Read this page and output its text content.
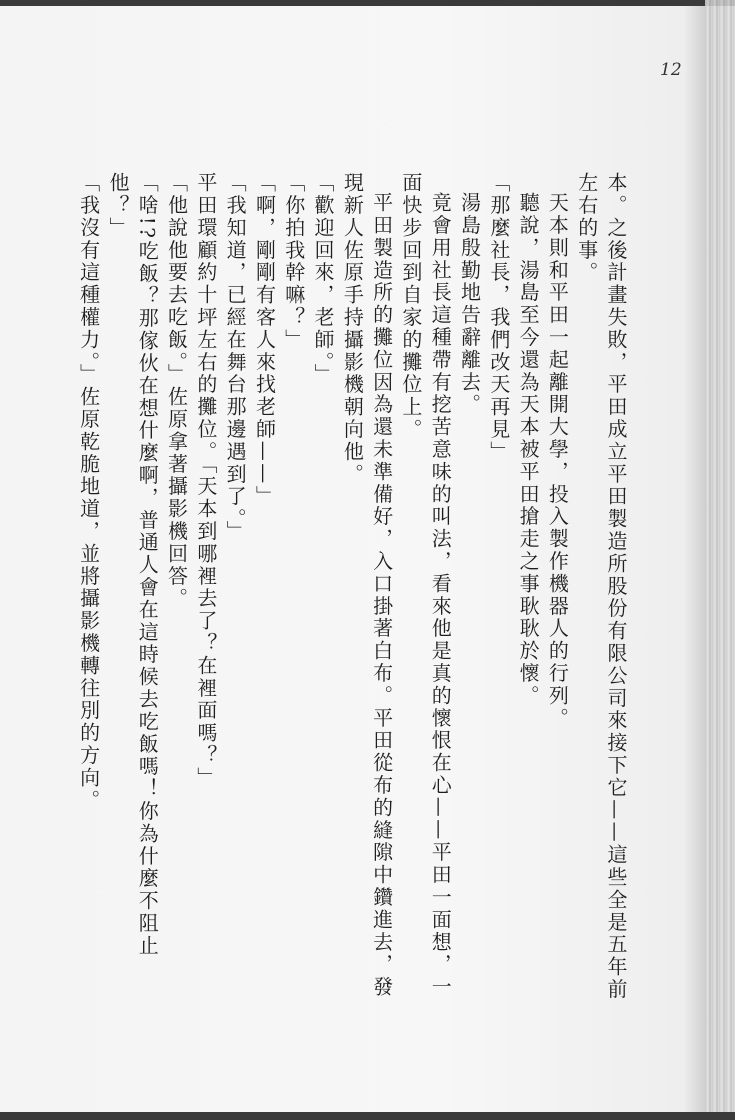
12

本。之後計畫失敗，平田成立平田製造所股份有限公司來接下它——這些全是五年前左右的事。

天本則和平田一起離開大學，投入製作機器人的行列。

聽說，湯島至今還為天本被平田搶走之事耿耿於懷。

「那麼社長，我們改天再見」

湯島殷勤地告辭離去。

竟會用社長這種帶有挖苦意味的叫法，看來他是真的懷恨在心——平田一面想，一面快步回到自家的攤位上。

平田製造所的攤位因為還未準備好，入口掛著白布。平田從布的縫隙中鑽進去，發現新人佐原手持攝影機朝向他。

「歡迎回來，老師。」

「你拍我幹嘛？」

「啊，剛剛有客人來找老師——」

「我知道，已經在舞台那邊遇到了。」

平田環顧約十坪左右的攤位。「天本到哪裡去了？在裡面嗎？」

「他說他要去吃飯。」佐原拿著攝影機回答。

「啥!?吃飯？那傢伙在想什麼啊，普通人會在這時候去吃飯嗎！你為什麼不阻止他？」

「我沒有這種權力。」佐原乾脆地道，並將攝影機轉往別的方向。
